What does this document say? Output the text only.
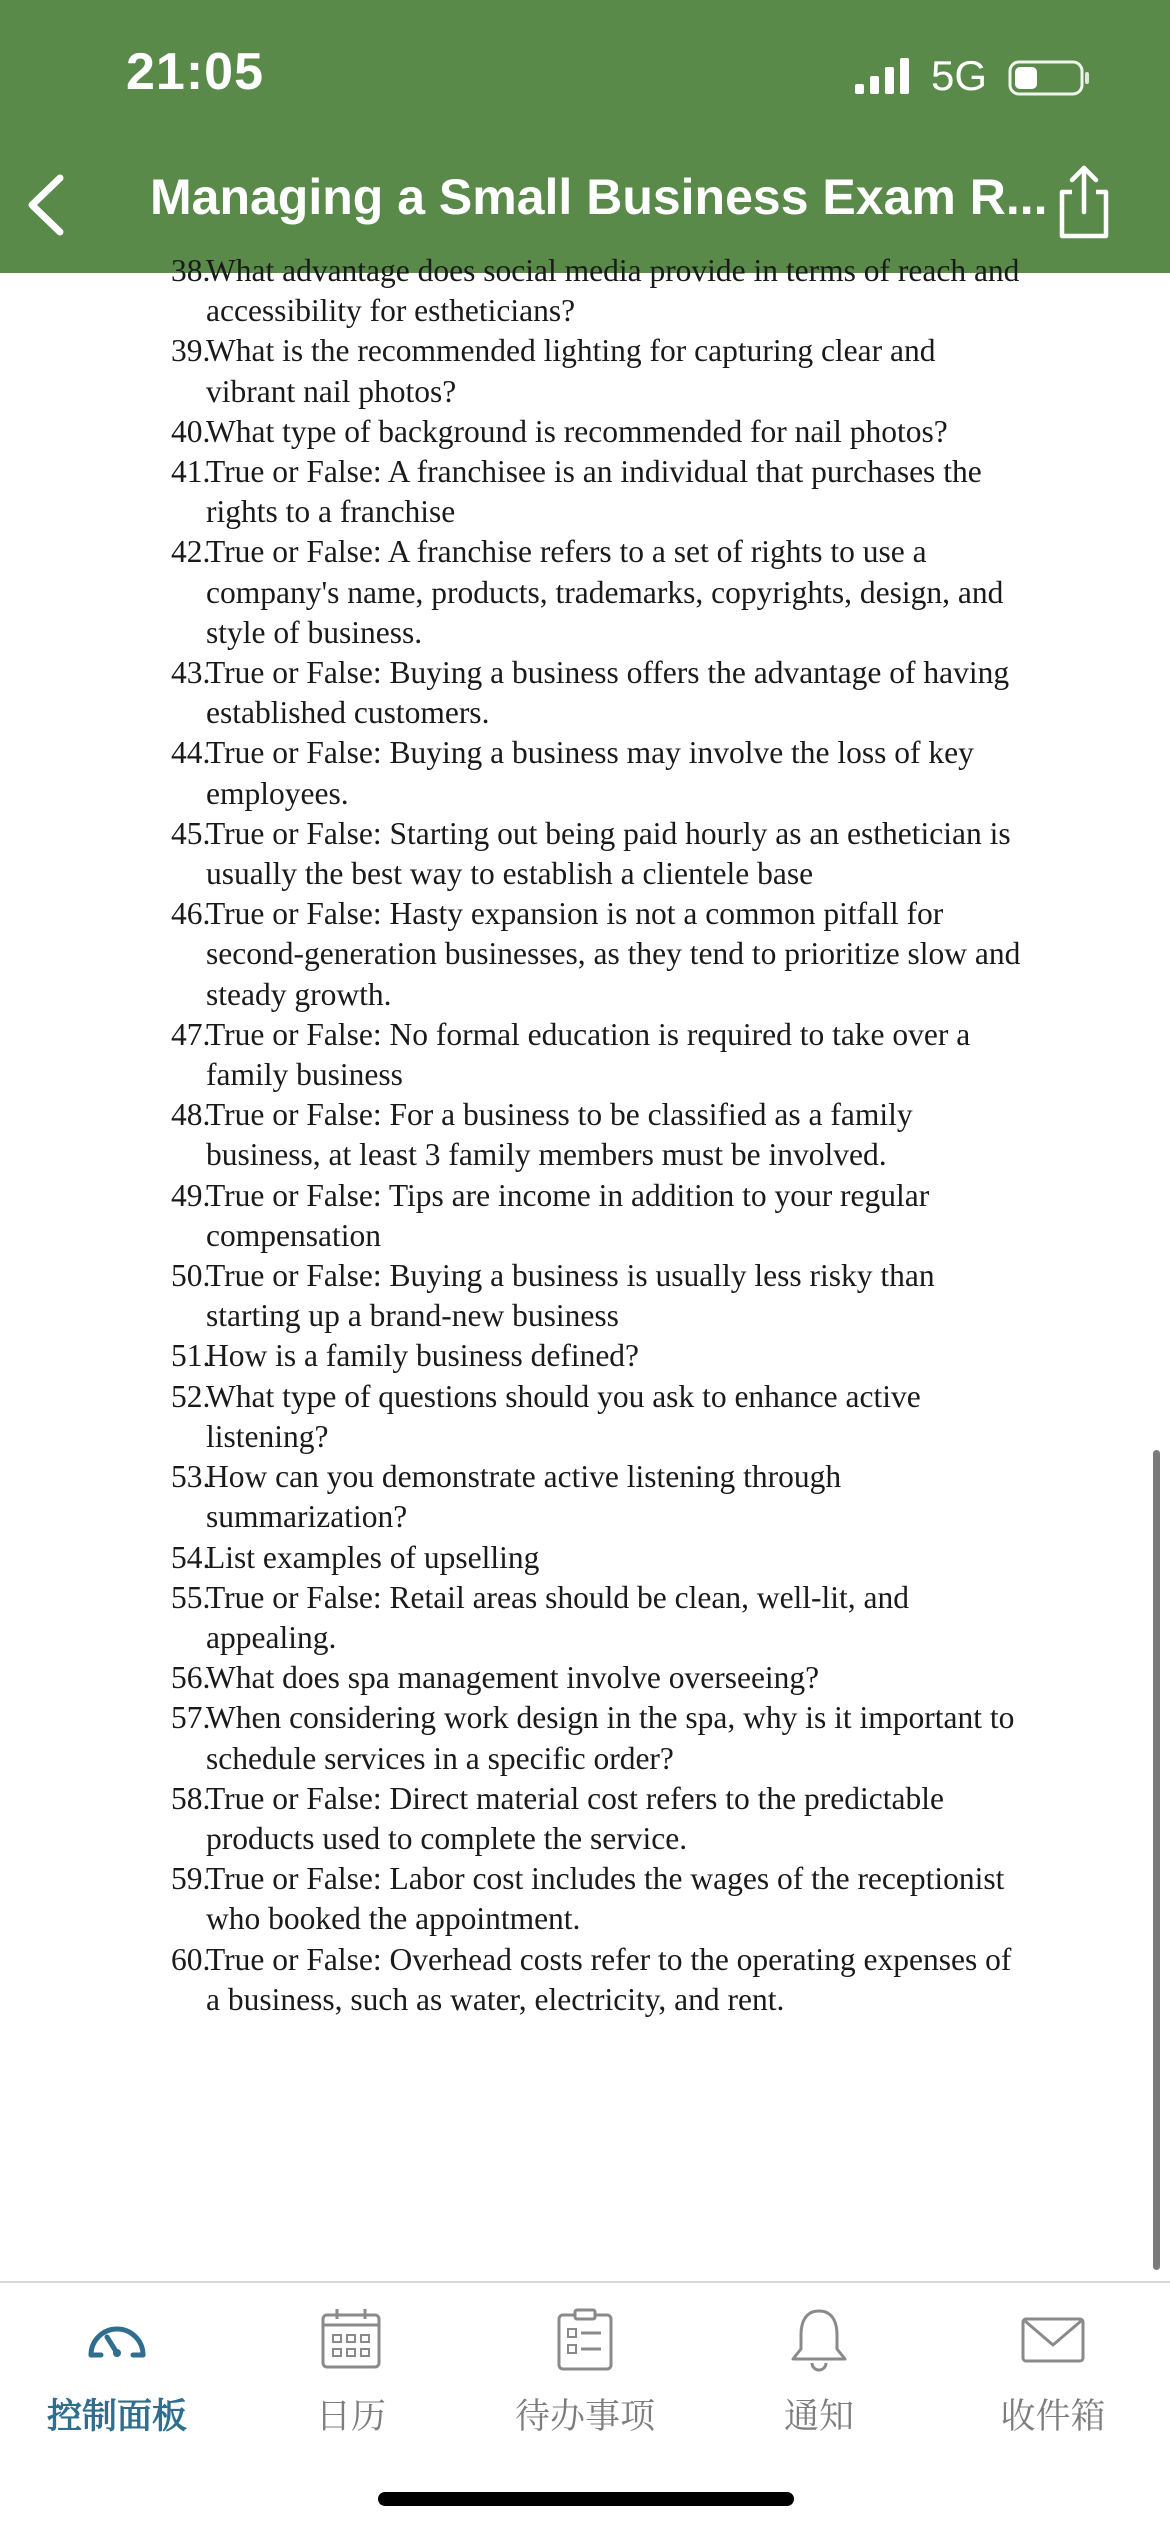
21:05	5G
Managing a Small Business Exam R...
38.
What advantage does social media provide in terms of reach and accessibility for estheticians?
39.
What is the recommended lighting for capturing clear and vibrant nail photos?
40.
What type of background is recommended for nail photos?
41.
True or False: A franchisee is an individual that purchases the rights to a franchise
42.
True or False: A franchise refers to a set of rights to use a company's name, products, trademarks, copyrights, design, and style of business.
43.
True or False: Buying a business offers the advantage of having established customers.
44.
True or False: Buying a business may involve the loss of key employees.
45.
True or False: Starting out being paid hourly as an esthetician is usually the best way to establish a clientele base
46.
True or False: Hasty expansion is not a common pitfall for second-generation businesses, as they tend to prioritize slow and steady growth.
47.
True or False: No formal education is required to take over a family business
48.
True or False: For a business to be classified as a family business, at least 3 family members must be involved.
49.
True or False: Tips are income in addition to your regular compensation
50.
True or False: Buying a business is usually less risky than starting up a brand-new business
51.
How is a family business defined?
52.
What type of questions should you ask to enhance active listening?
53.
How can you demonstrate active listening through summarization?
54.
List examples of upselling
55.
True or False: Retail areas should be clean, well-lit, and appealing.
56.
What does spa management involve overseeing?
57.
When considering work design in the spa, why is it important to schedule services in a specific order?
58.
True or False: Direct material cost refers to the predictable products used to complete the service.
59.
True or False: Labor cost includes the wages of the receptionist who booked the appointment.
60.
True or False: Overhead costs refer to the operating expenses of a business, such as water, electricity, and rent.
控制面板	日历	待办事项	通知	收件箱
